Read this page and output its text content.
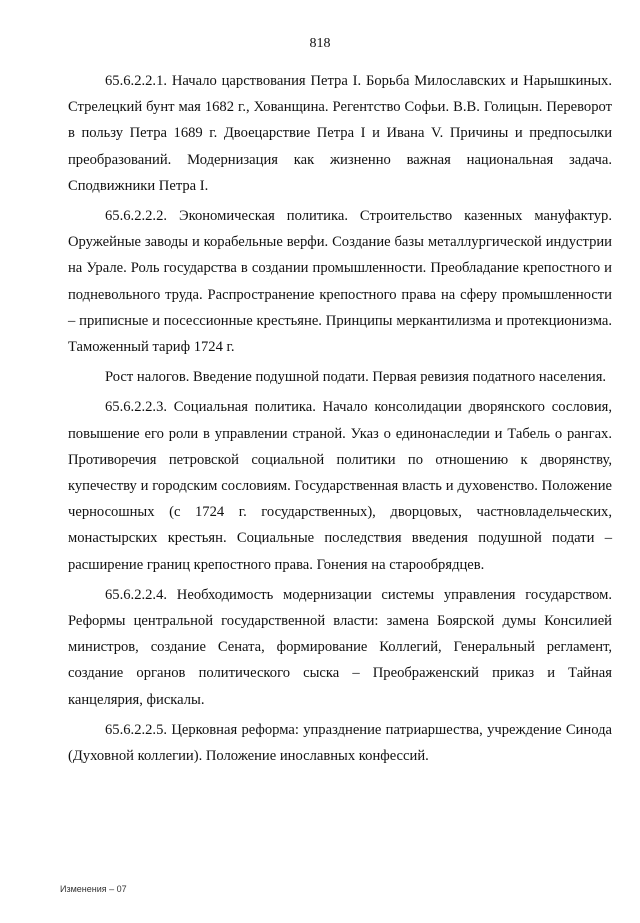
818

65.6.2.2.1. Начало царствования Петра I. Борьба Милославских и Нарышкиных. Стрелецкий бунт мая 1682 г., Хованщина. Регентство Софьи. В.В. Голицын. Переворот в пользу Петра 1689 г. Двоецарствие Петра I и Ивана V. Причины и предпосылки преобразований. Модернизация как жизненно важная национальная задача. Сподвижники Петра I.

65.6.2.2.2. Экономическая политика. Строительство казенных мануфактур. Оружейные заводы и корабельные верфи. Создание базы металлургической индустрии на Урале. Роль государства в создании промышленности. Преобладание крепостного и подневольного труда. Распространение крепостного права на сферу промышленности – приписные и посессионные крестьяне. Принципы меркантилизма и протекционизма. Таможенный тариф 1724 г.

Рост налогов. Введение подушной подати. Первая ревизия податного населения.

65.6.2.2.3. Социальная политика. Начало консолидации дворянского сословия, повышение его роли в управлении страной. Указ о единонаследии и Табель о рангах. Противоречия петровской социальной политики по отношению к дворянству, купечеству и городским сословиям. Государственная власть и духовенство. Положение черносошных (с 1724 г. государственных), дворцовых, частновладельческих, монастырских крестьян. Социальные последствия введения подушной подати – расширение границ крепостного права. Гонения на старообрядцев.

65.6.2.2.4. Необходимость модернизации системы управления государством. Реформы центральной государственной власти: замена Боярской думы Консилией министров, создание Сената, формирование Коллегий, Генеральный регламент, создание органов политического сыска – Преображенский приказ и Тайная канцелярия, фискалы.

65.6.2.2.5. Церковная реформа: упразднение патриаршества, учреждение Синода (Духовной коллегии). Положение инославных конфессий.

Изменения – 07
